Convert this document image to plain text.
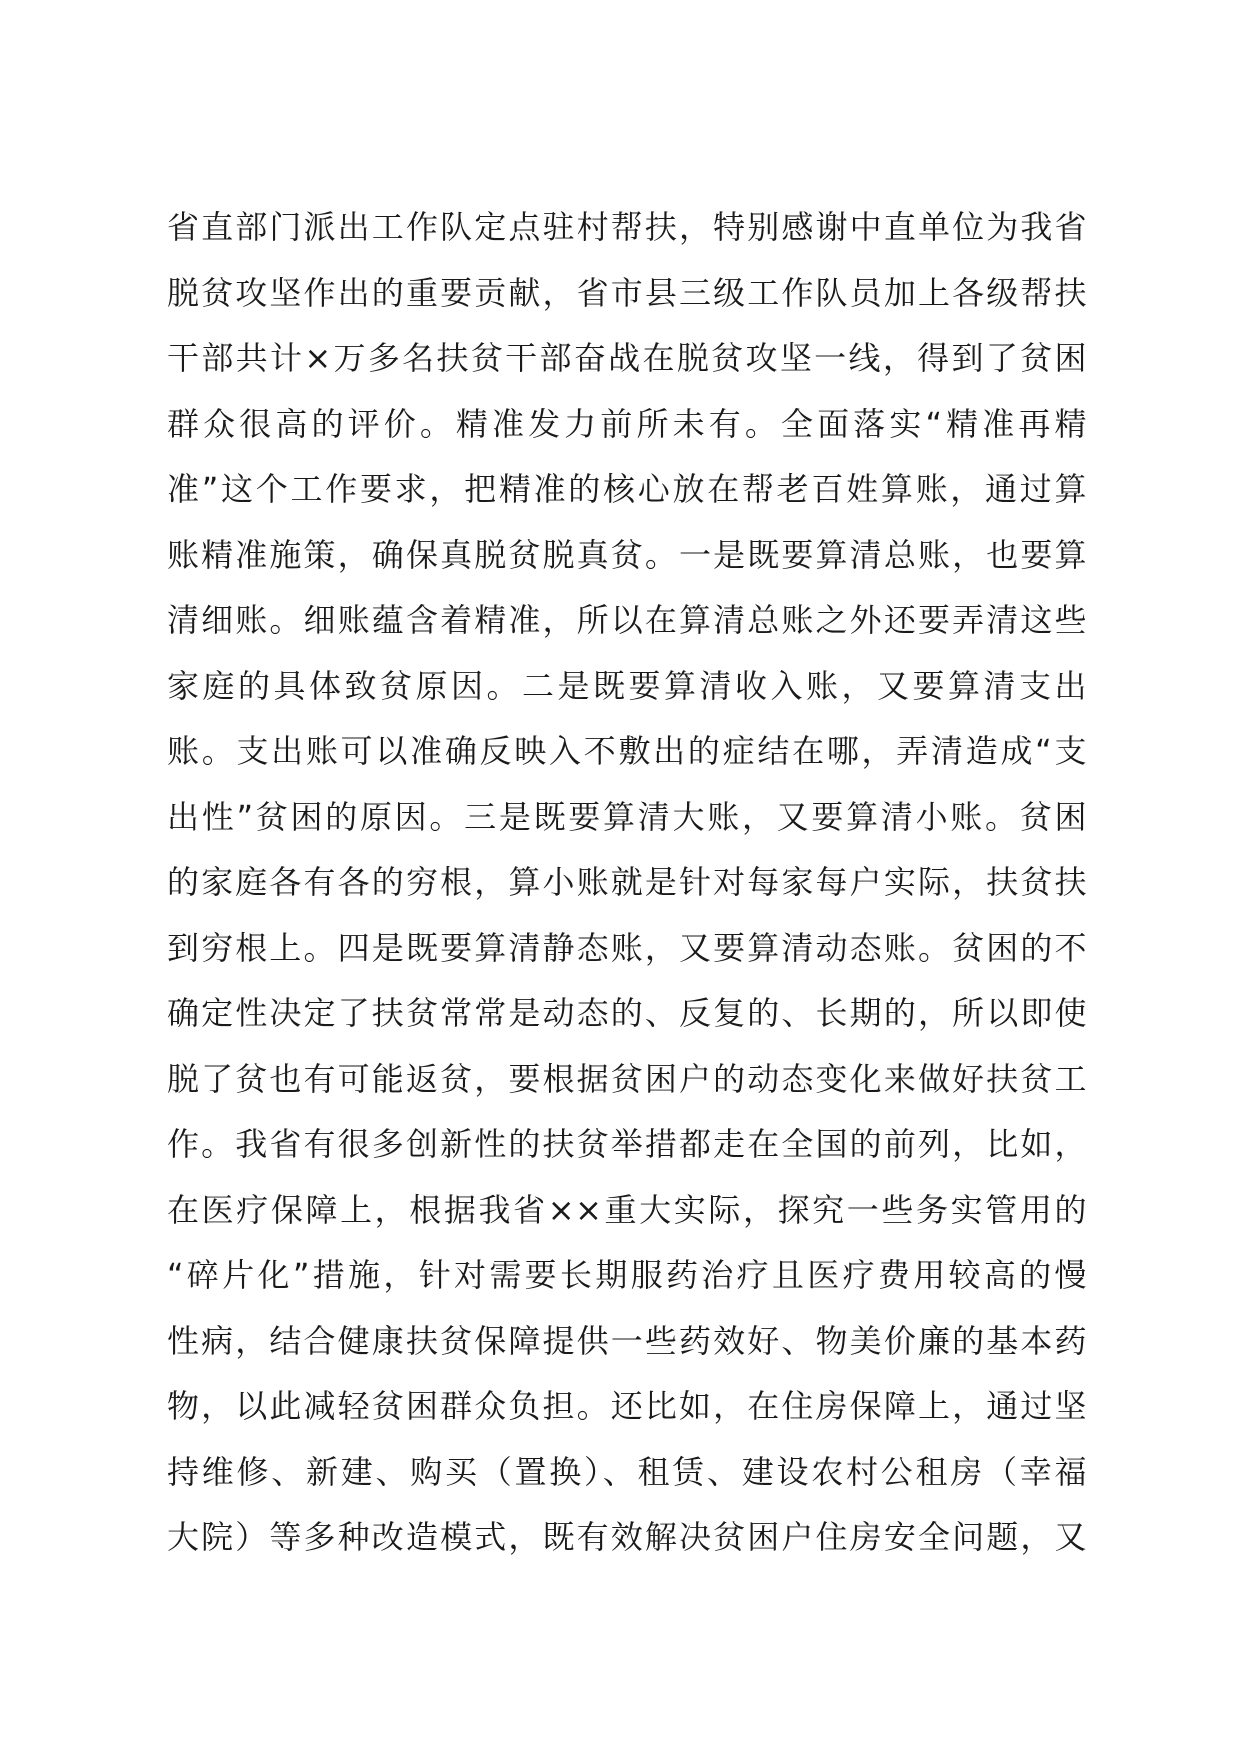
省直部门派出工作队定点驻村帮扶，特别感谢中直单位为我省
脱贫攻坚作出的重要贡献，省市县三级工作队员加上各级帮扶
干部共计×万多名扶贫干部奋战在脱贫攻坚一线，得到了贫困
群众很高的评价。精准发力前所未有。全面落实“精准再精
准”这个工作要求，把精准的核心放在帮老百姓算账，通过算
账精准施策，确保真脱贫脱真贫。一是既要算清总账，也要算
清细账。细账蕴含着精准，所以在算清总账之外还要弄清这些
家庭的具体致贫原因。二是既要算清收入账，又要算清支出
账。支出账可以准确反映入不敷出的症结在哪，弄清造成“支
出性”贫困的原因。三是既要算清大账，又要算清小账。贫困
的家庭各有各的穷根，算小账就是针对每家每户实际，扶贫扶
到穷根上。四是既要算清静态账，又要算清动态账。贫困的不
确定性决定了扶贫常常是动态的、反复的、长期的，所以即使
脱了贫也有可能返贫，要根据贫困户的动态变化来做好扶贫工
作。我省有很多创新性的扶贫举措都走在全国的前列，比如，
在医疗保障上，根据我省××重大实际，探究一些务实管用的
“碎片化”措施，针对需要长期服药治疗且医疗费用较高的慢
性病，结合健康扶贫保障提供一些药效好、物美价廉的基本药
物，以此减轻贫困群众负担。还比如，在住房保障上，通过坚
持维修、新建、购买（置换）、租赁、建设农村公租房（幸福
大院）等多种改造模式，既有效解决贫困户住房安全问题，又
